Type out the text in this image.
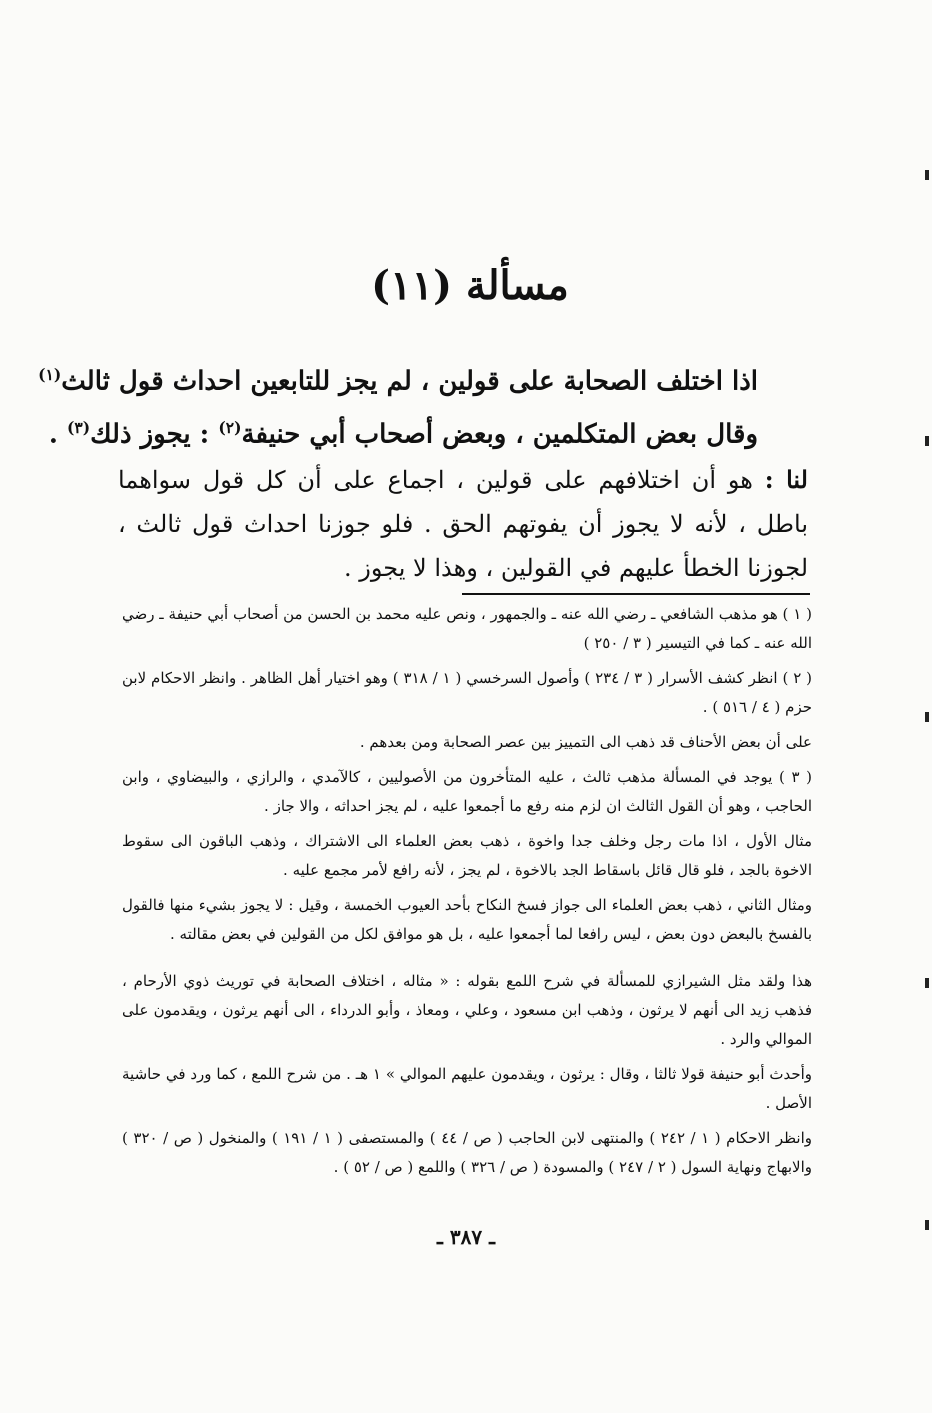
مسألة (١١)
اذا اختلف الصحابة على قولين ، لم يجز للتابعين احداث قول ثالث$^{(١)}$
وقال بعض المتكلمين ، وبعض أصحاب أبي حنيفة$^{(٢)}$ : يجوز ذلك$^{(٣)}$ .
لنا : هو أن اختلافهم على قولين ، اجماع على أن كل قول سواهما باطل ، لأنه لا يجوز أن يفوتهم الحق . فلو جوزنا احداث قول ثالث ، لجوزنا الخطأ عليهم في القولين ، وهذا لا يجوز .

( ١ ) هو مذهب الشافعي ـ رضي الله عنه ـ والجمهور ، ونص عليه محمد بن الحسن من أصحاب أبي حنيفة ـ رضي الله عنه ـ كما في التيسير ( ٣ / ٢٥٠ )

( ٢ ) انظر كشف الأسرار ( ٣ / ٢٣٤ ) وأصول السرخسي ( ١ / ٣١٨ ) وهو اختيار أهل الظاهر . وانظر الاحكام لابن حزم ( ٤ / ٥١٦ ) .

على أن بعض الأحناف قد ذهب الى التمييز بين عصر الصحابة ومن بعدهم .

( ٣ ) يوجد في المسألة مذهب ثالث ، عليه المتأخرون من الأصوليين ، كالآمدي ، والرازي ، والبيضاوي ، وابن الحاجب ، وهو أن القول الثالث ان لزم منه رفع ما أجمعوا عليه ، لم يجز احداثه ، والا جاز .

مثال الأول ، اذا مات رجل وخلف جدا واخوة ، ذهب بعض العلماء الى الاشتراك ، وذهب الباقون الى سقوط الاخوة بالجد ، فلو قال قائل باسقاط الجد بالاخوة ، لم يجز ، لأنه رافع لأمر مجمع عليه .

ومثال الثاني ، ذهب بعض العلماء الى جواز فسخ النكاح بأحد العيوب الخمسة ، وقيل : لا يجوز بشيء منها فالقول بالفسخ بالبعض دون بعض ، ليس رافعا لما أجمعوا عليه ، بل هو موافق لكل من القولين في بعض مقالته .

هذا ولقد مثل الشيرازي للمسألة في شرح اللمع بقوله : « مثاله ، اختلاف الصحابة في توريث ذوي الأرحام ، فذهب زيد الى أنهم لا يرثون ، وذهب ابن مسعود ، وعلي ، ومعاذ ، وأبو الدرداء ، الى أنهم يرثون ، ويقدمون على الموالي والرد .

وأحدث أبو حنيفة قولا ثالثا ، وقال : يرثون ، ويقدمون عليهم الموالي » ١ هـ . من شرح اللمع ، كما ورد في حاشية الأصل .

وانظر الاحكام ( ١ / ٢٤٢ ) والمنتهى لابن الحاجب ( ص / ٤٤ ) والمستصفى ( ١ / ١٩١ ) والمنخول ( ص / ٣٢٠ ) والابهاج ونهاية السول ( ٢ / ٢٤٧ ) والمسودة ( ص / ٣٢٦ ) واللمع ( ص / ٥٢ ) .

ـ ٣٨٧ ـ
